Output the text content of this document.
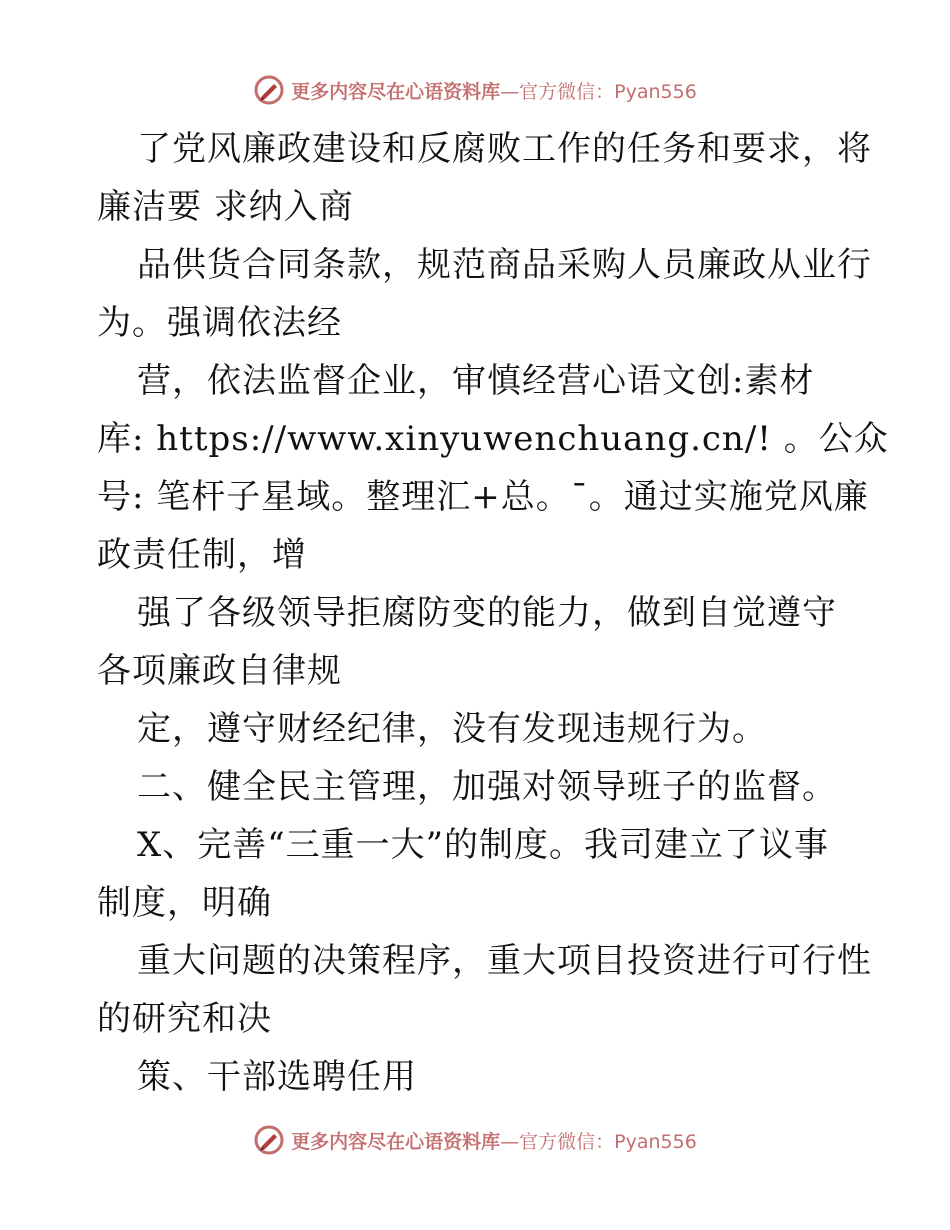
更多内容尽在心语资料库—官方微信：Pyan556
了党风廉政建设和反腐败工作的任务和要求，将
廉洁要 求纳入商
品供货合同条款，规范商品采购人员廉政从业行
为。强调依法经
营，依法监督企业，审慎经营心语文创:素材
库: https://www.xinyuwenchuang.cn/! 。公众
号: 笔杆子星域。整理汇+总。¯。通过实施党风廉
政责任制，增
强了各级领导拒腐防变的能力，做到自觉遵守
各项廉政自律规
定，遵守财经纪律，没有发现违规行为。
二、健全民主管理，加强对领导班子的监督。
X、完善“三重一大”的制度。我司建立了议事
制度，明确
重大问题的决策程序，重大项目投资进行可行性
的研究和决
策、干部选聘任用
更多内容尽在心语资料库—官方微信：Pyan556
